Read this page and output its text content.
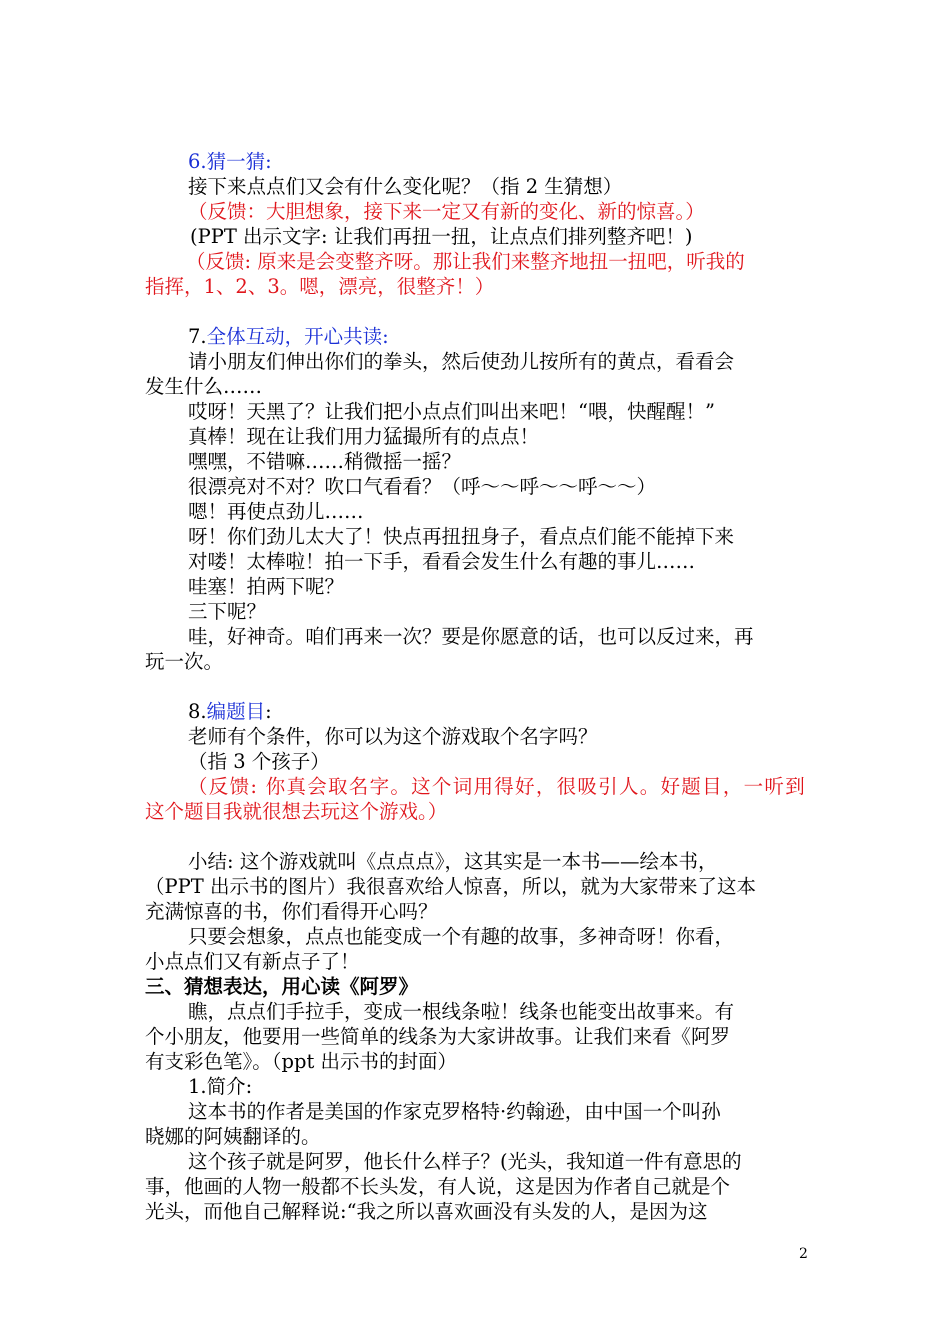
6.猜一猜:
接下来点点们又会有什么变化呢？（指 2 生猜想）
（反馈：大胆想象，接下来一定又有新的变化、新的惊喜。）
(PPT 出示文字: 让我们再扭一扭，让点点们排列整齐吧！)
（反馈: 原来是会变整齐呀。那让我们来整齐地扭一扭吧，听我的
指挥，1、2、3。嗯，漂亮，很整齐！）
7.全体互动，开心共读:
请小朋友们伸出你们的拳头，然后使劲儿按所有的黄点，看看会
发生什么……
哎呀！天黑了？让我们把小点点们叫出来吧！“喂，快醒醒！”
真棒！现在让我们用力猛撮所有的点点！
嘿嘿，不错嘛……稍微摇一摇？
很漂亮对不对？吹口气看看？（呼～～呼～～呼～～）
嗯！再使点劲儿……
呀！你们劲儿太大了！快点再扭扭身子，看点点们能不能掉下来
对喽！太棒啦！拍一下手，看看会发生什么有趣的事儿……
哇塞！拍两下呢？
三下呢？
哇，好神奇。咱们再来一次？要是你愿意的话，也可以反过来，再
玩一次。
8.编题目:
老师有个条件，你可以为这个游戏取个名字吗？
（指 3 个孩子）
（反馈: 你真会取名字。这个词用得好，很吸引人。好题目，一听到
这个题目我就很想去玩这个游戏。）
小结: 这个游戏就叫《点点点》，这其实是一本书——绘本书，
（PPT 出示书的图片）我很喜欢给人惊喜，所以，就为大家带来了这本
充满惊喜的书，你们看得开心吗？
只要会想象，点点也能变成一个有趣的故事，多神奇呀！你看，
小点点们又有新点子了！
三、猜想表达，用心读《阿罗》
瞧，点点们手拉手，变成一根线条啦！线条也能变出故事来。有
个小朋友，他要用一些简单的线条为大家讲故事。让我们来看《阿罗
有支彩色笔》。（ppt 出示书的封面）
1.简介:
这本书的作者是美国的作家克罗格特·约翰逊，由中国一个叫孙
晓娜的阿姨翻译的。
这个孩子就是阿罗，他长什么样子？(光头，我知道一件有意思的
事，他画的人物一般都不长头发，有人说，这是因为作者自己就是个
光头，而他自己解释说:“我之所以喜欢画没有头发的人，是因为这
2
